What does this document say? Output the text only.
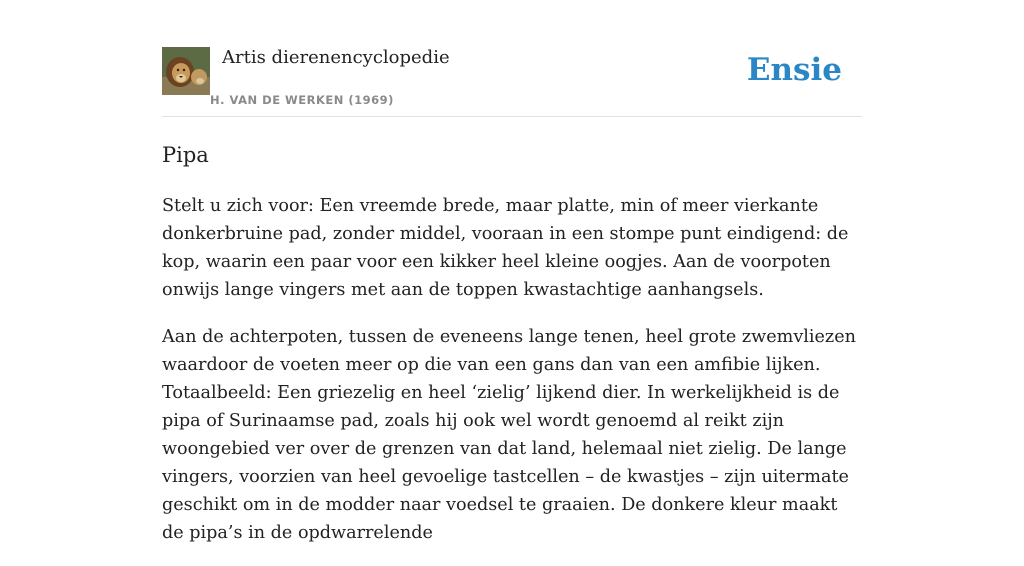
Artis dierenencyclopedie
H. VAN DE WERKEN (1969)
Ensie
Pipa

Stelt u zich voor: Een vreemde brede, maar platte, min of meer vierkante donkerbruine pad, zonder middel, vooraan in een stompe punt eindigend: de kop, waarin een paar voor een kikker heel kleine oogjes. Aan de voorpoten onwijs lange vingers met aan de toppen kwastachtige aanhangsels.

Aan de achterpoten, tussen de eveneens lange tenen, heel grote zwemvliezen waardoor de voeten meer op die van een gans dan van een amfibie lijken. Totaalbeeld: Een griezelig en heel ‘zielig’ lijkend dier. In werkelijkheid is de pipa of Surinaamse pad, zoals hij ook wel wordt genoemd al reikt zijn woongebied ver over de grenzen van dat land, helemaal niet zielig. De lange vingers, voorzien van heel gevoelige tastcellen – de kwastjes – zijn uitermate geschikt om in de modder naar voedsel te graaien. De donkere kleur maakt de pipa’s in de opdwarrelende
